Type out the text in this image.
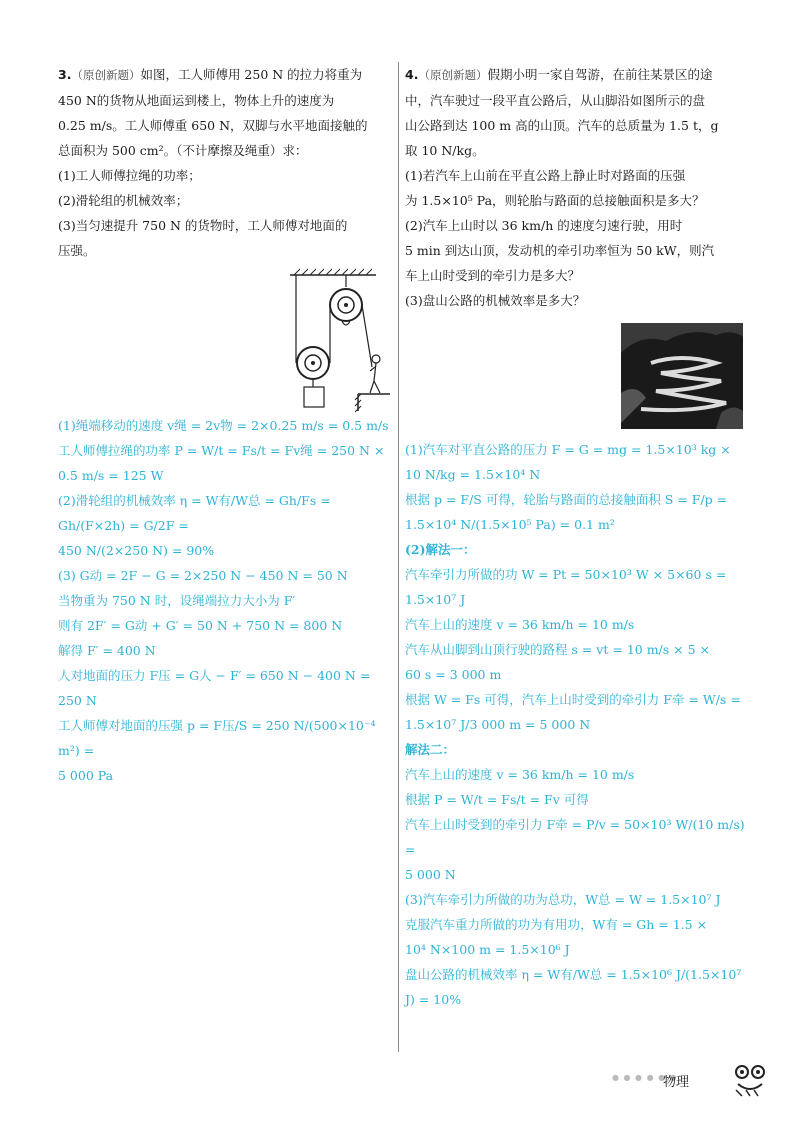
3.（原创新题）如图，工人师傅用 250 N 的拉力将重为

450 N的货物从地面运到楼上，物体上升的速度为

0.25 m/s。工人师傅重 650 N，双脚与水平地面接触的

总面积为 500 cm²。（不计摩擦及绳重）求：

(1)工人师傅拉绳的功率；

(2)滑轮组的机械效率；

(3)当匀速提升 750 N 的货物时，工人师傅对地面的

压强。

(1)绳端移动的速度 v绳 = 2v物 = 2×0.25 m/s = 0.5 m/s

工人师傅拉绳的功率 P = W/t = Fs/t = Fv绳 = 250 N ×

0.5 m/s = 125 W

(2)滑轮组的机械效率 η = W有/W总 = Gh/Fs = Gh/(F×2h) = G/2F =

450 N/(2×250 N) = 90%

(3) G动 = 2F − G = 2×250 N − 450 N = 50 N

当物重为 750 N 时，设绳端拉力大小为 F′

则有 2F′ = G动 + G′ = 50 N + 750 N = 800 N

解得 F′ = 400 N

人对地面的压力 F压 = G人 − F′ = 650 N − 400 N = 250 N

工人师傅对地面的压强 p = F压/S = 250 N/(500×10⁻⁴ m²) =

5 000 Pa

4.（原创新题）假期小明一家自驾游，在前往某景区的途

中，汽车驶过一段平直公路后，从山脚沿如图所示的盘

山公路到达 100 m 高的山顶。汽车的总质量为 1.5 t，g

取 10 N/kg。

(1)若汽车上山前在平直公路上静止时对路面的压强

为 1.5×10⁵ Pa，则轮胎与路面的总接触面积是多大？

(2)汽车上山时以 36 km/h 的速度匀速行驶，用时

5 min 到达山顶，发动机的牵引功率恒为 50 kW，则汽

车上山时受到的牵引力是多大？

(3)盘山公路的机械效率是多大？

(1)汽车对平直公路的压力 F = G = mg = 1.5×10³ kg ×

10 N/kg = 1.5×10⁴ N

根据 p = F/S 可得，轮胎与路面的总接触面积 S = F/p =

1.5×10⁴ N/(1.5×10⁵ Pa) = 0.1 m²

(2)解法一：

汽车牵引力所做的功 W = Pt = 50×10³ W × 5×60 s =

1.5×10⁷ J

汽车上山的速度 v = 36 km/h = 10 m/s

汽车从山脚到山顶行驶的路程 s = vt = 10 m/s × 5 ×

60 s = 3 000 m

根据 W = Fs 可得，汽车上山时受到的牵引力 F牵 = W/s =

1.5×10⁷ J/3 000 m = 5 000 N

解法二：

汽车上山的速度 v = 36 km/h = 10 m/s

根据 P = W/t = Fs/t = Fv 可得

汽车上山时受到的牵引力 F牵 = P/v = 50×10³ W/(10 m/s) =

5 000 N

(3)汽车牵引力所做的功为总功，W总 = W = 1.5×10⁷ J

克服汽车重力所做的功为有用功，W有 = Gh = 1.5 ×

10⁴ N×100 m = 1.5×10⁶ J

盘山公路的机械效率 η = W有/W总 = 1.5×10⁶ J/(1.5×10⁷ J) = 10%

● ● ● ● ● ●
物理
